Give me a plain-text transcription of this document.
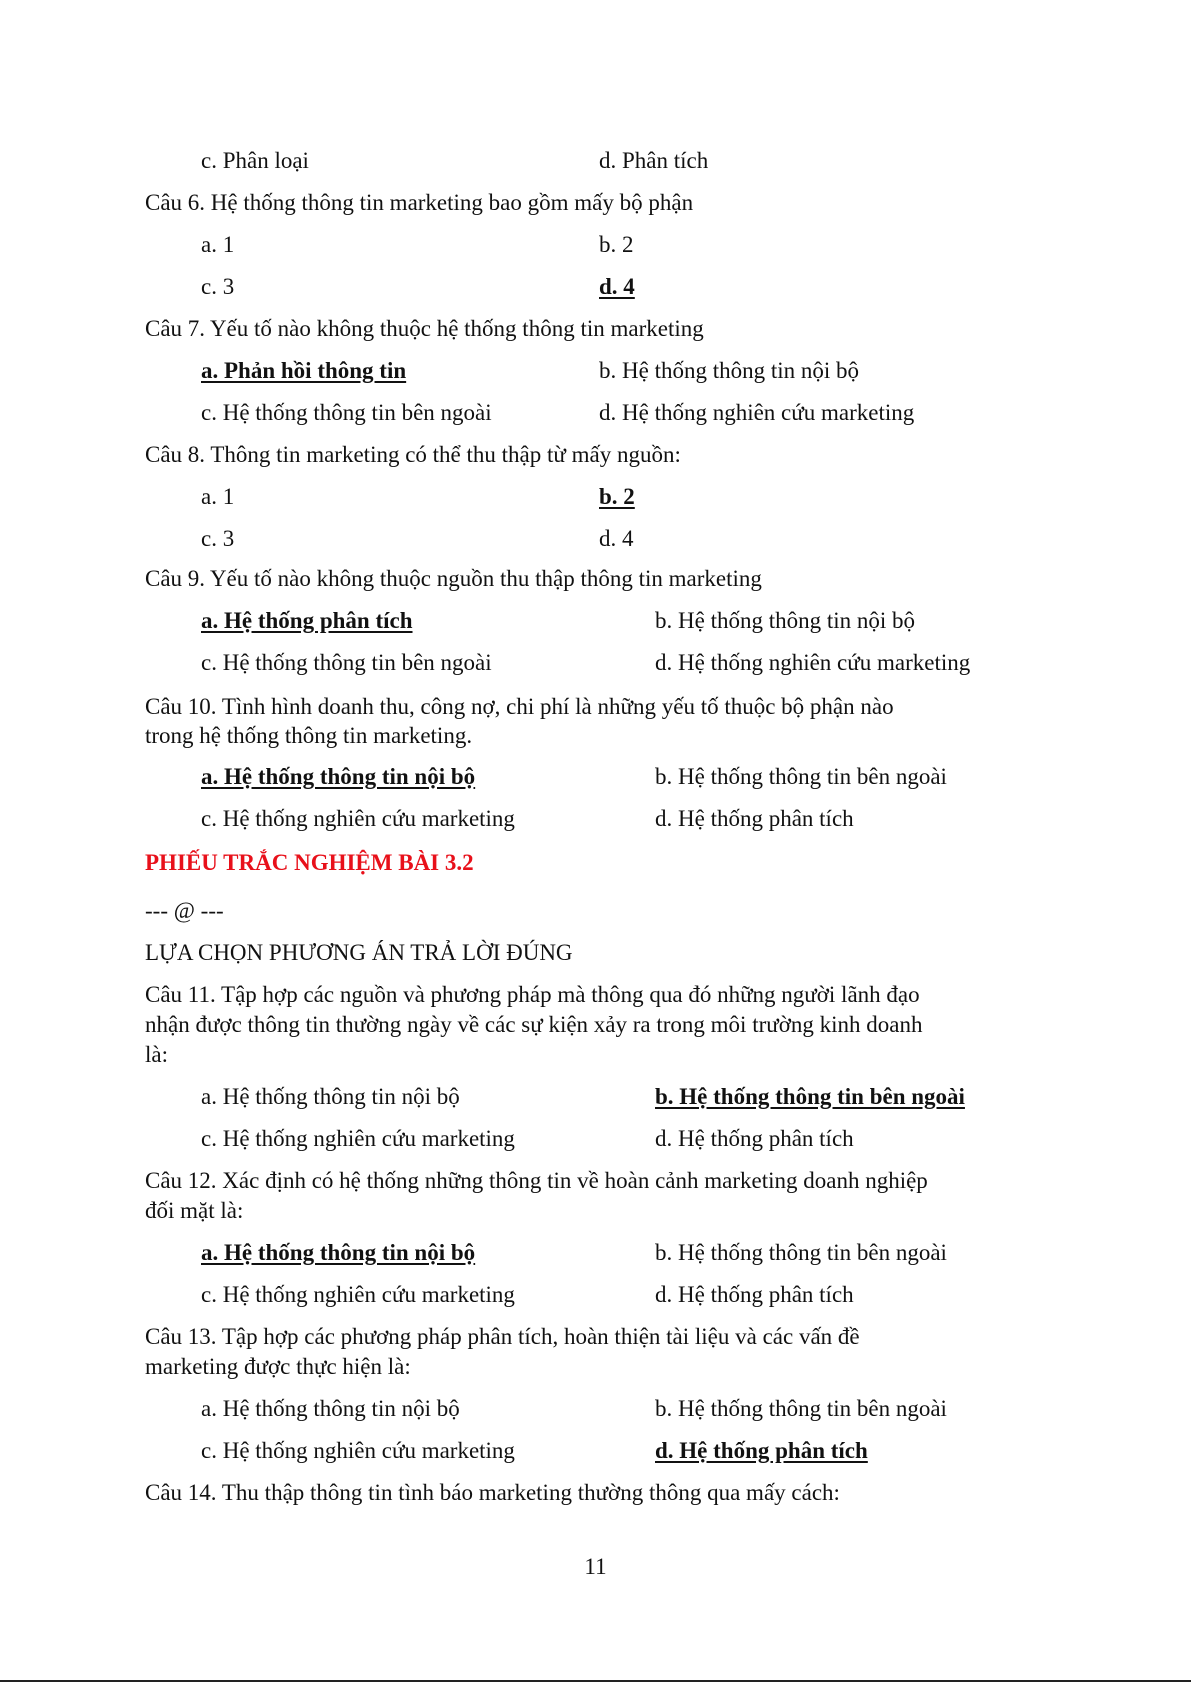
c. Phân loại	d. Phân tích
Câu 6. Hệ thống thông tin marketing bao gồm mấy bộ phận
a. 1	b. 2
c. 3	d. 4
Câu 7. Yếu tố nào không thuộc hệ thống thông tin marketing
a. Phản hồi thông tin	b. Hệ thống thông tin nội bộ
c. Hệ thống thông tin bên ngoài	d. Hệ thống nghiên cứu marketing
Câu 8. Thông tin marketing có thể thu thập từ mấy nguồn:
a. 1	b. 2
c. 3	d. 4
Câu 9. Yếu tố nào không thuộc nguồn thu thập thông tin marketing
a. Hệ thống phân tích	b. Hệ thống thông tin nội bộ
c. Hệ thống thông tin bên ngoài	d. Hệ thống nghiên cứu marketing
Câu 10. Tình hình doanh thu, công nợ, chi phí là những yếu tố thuộc bộ phận nào
trong hệ thống thông tin marketing.
a. Hệ thống thông tin nội bộ	b. Hệ thống thông tin bên ngoài
c. Hệ thống nghiên cứu marketing	d. Hệ thống phân tích
PHIẾU TRẮC NGHIỆM BÀI 3.2
--- @ ---
LỰA CHỌN PHƯƠNG ÁN TRẢ LỜI ĐÚNG
Câu 11. Tập hợp các nguồn và phương pháp mà thông qua đó những người lãnh đạo
nhận được thông tin thường ngày về các sự kiện xảy ra trong môi trường kinh doanh
là:
a. Hệ thống thông tin nội bộ	b. Hệ thống thông tin bên ngoài
c. Hệ thống nghiên cứu marketing	d. Hệ thống phân tích
Câu 12. Xác định có hệ thống những thông tin về hoàn cảnh marketing doanh nghiệp
đối mặt là:
a. Hệ thống thông tin nội bộ	b. Hệ thống thông tin bên ngoài
c. Hệ thống nghiên cứu marketing	d. Hệ thống phân tích
Câu 13. Tập hợp các phương pháp phân tích, hoàn thiện tài liệu và các vấn đề
marketing được thực hiện là:
a. Hệ thống thông tin nội bộ	b. Hệ thống thông tin bên ngoài
c. Hệ thống nghiên cứu marketing	d. Hệ thống phân tích
Câu 14. Thu thập thông tin tình báo marketing thường thông qua mấy cách:
11
